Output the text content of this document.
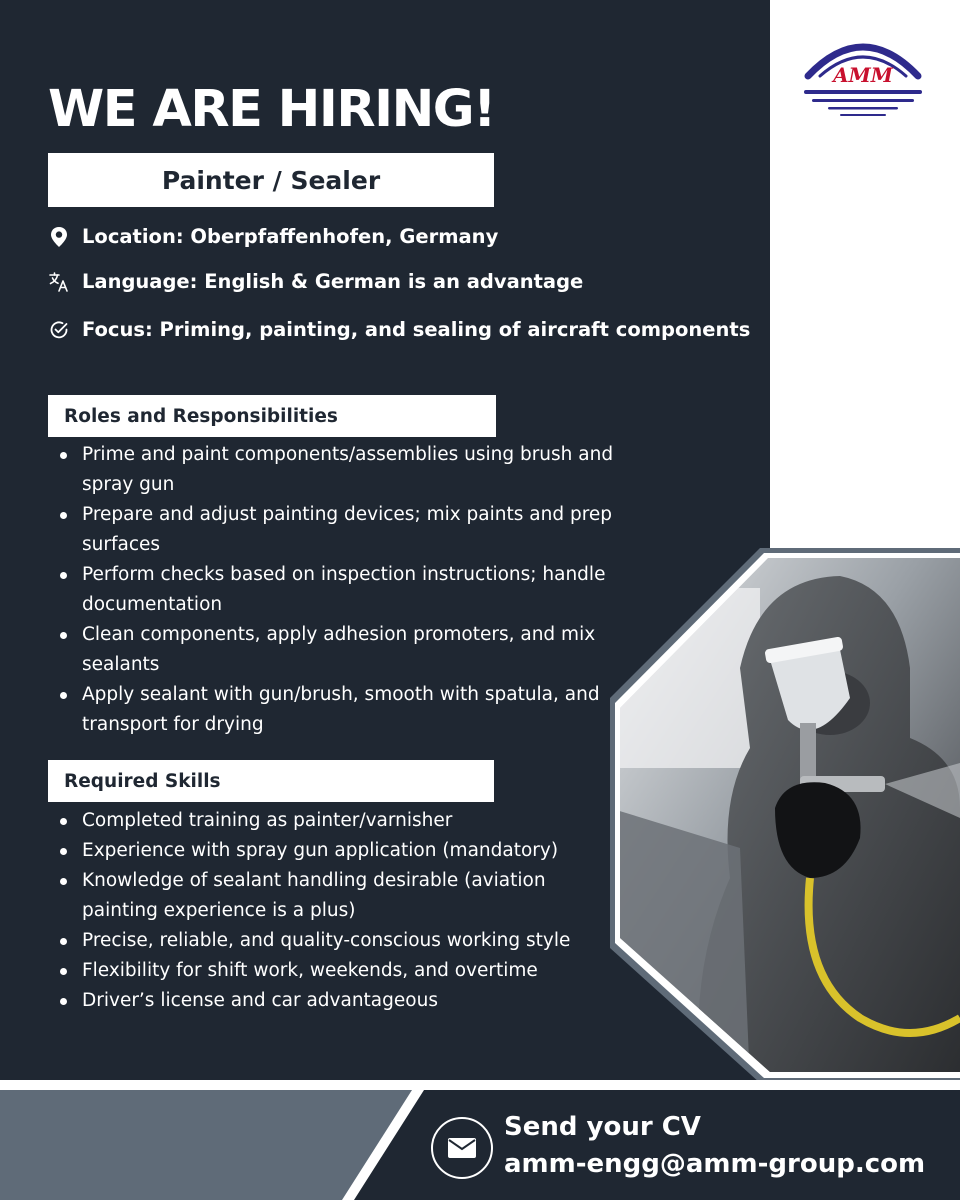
AMM
WE ARE HIRING!
Painter / Sealer
Location: Oberpfaffenhofen, Germany
Language: English & German is an advantage
Focus: Priming, painting, and sealing of aircraft components
Roles and Responsibilities
Prime and paint components/assemblies using brush and spray gun
Prepare and adjust painting devices; mix paints and prep surfaces
Perform checks based on inspection instructions; handle documentation
Clean components, apply adhesion promoters, and mix sealants
Apply sealant with gun/brush, smooth with spatula, and transport for drying
Required Skills
Completed training as painter/varnisher
Experience with spray gun application (mandatory)
Knowledge of sealant handling desirable (aviation painting experience is a plus)
Precise, reliable, and quality-conscious working style
Flexibility for shift work, weekends, and overtime
Driver’s license and car advantageous
Send your CV
amm-engg@amm-group.com
